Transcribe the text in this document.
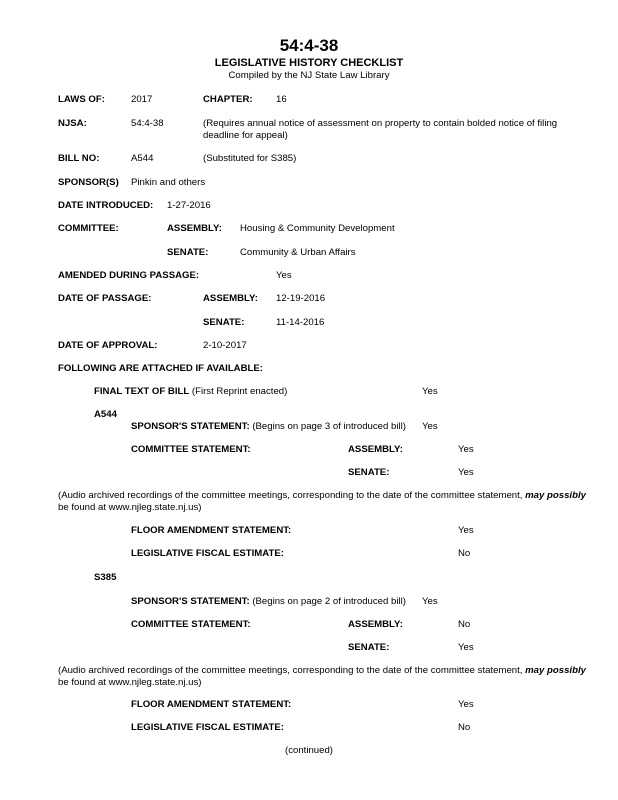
54:4-38
LEGISLATIVE HISTORY CHECKLIST
Compiled by the NJ State Law Library
LAWS OF:	2017	CHAPTER: 16
NJSA:	54:4-38	(Requires annual notice of assessment on property to contain bolded notice of filing deadline for appeal)
BILL NO:	A544	(Substituted for S385)
SPONSOR(S) Pinkin and others
DATE INTRODUCED: 1-27-2016
COMMITTEE:	ASSEMBLY: Housing & Community Development
SENATE:	Community & Urban Affairs
AMENDED DURING PASSAGE:	Yes
DATE OF PASSAGE:	ASSEMBLY: 12-19-2016
SENATE:	11-14-2016
DATE OF APPROVAL:	2-10-2017
FOLLOWING ARE ATTACHED IF AVAILABLE:
FINAL TEXT OF BILL (First Reprint enacted)	Yes
A544
SPONSOR'S STATEMENT: (Begins on page 3 of introduced bill) Yes
COMMITTEE STATEMENT:	ASSEMBLY:	Yes
SENATE:	Yes
(Audio archived recordings of the committee meetings, corresponding to the date of the committee statement, may possibly
be found at www.njleg.state.nj.us)
FLOOR AMENDMENT STATEMENT:	Yes
LEGISLATIVE FISCAL ESTIMATE:	No
S385
SPONSOR'S STATEMENT: (Begins on page 2 of introduced bill) Yes
COMMITTEE STATEMENT:	ASSEMBLY:	No
SENATE:	Yes
(Audio archived recordings of the committee meetings, corresponding to the date of the committee statement, may possibly
be found at www.njleg.state.nj.us)
FLOOR AMENDMENT STATEMENT:	Yes
LEGISLATIVE FISCAL ESTIMATE:	No
(continued)
